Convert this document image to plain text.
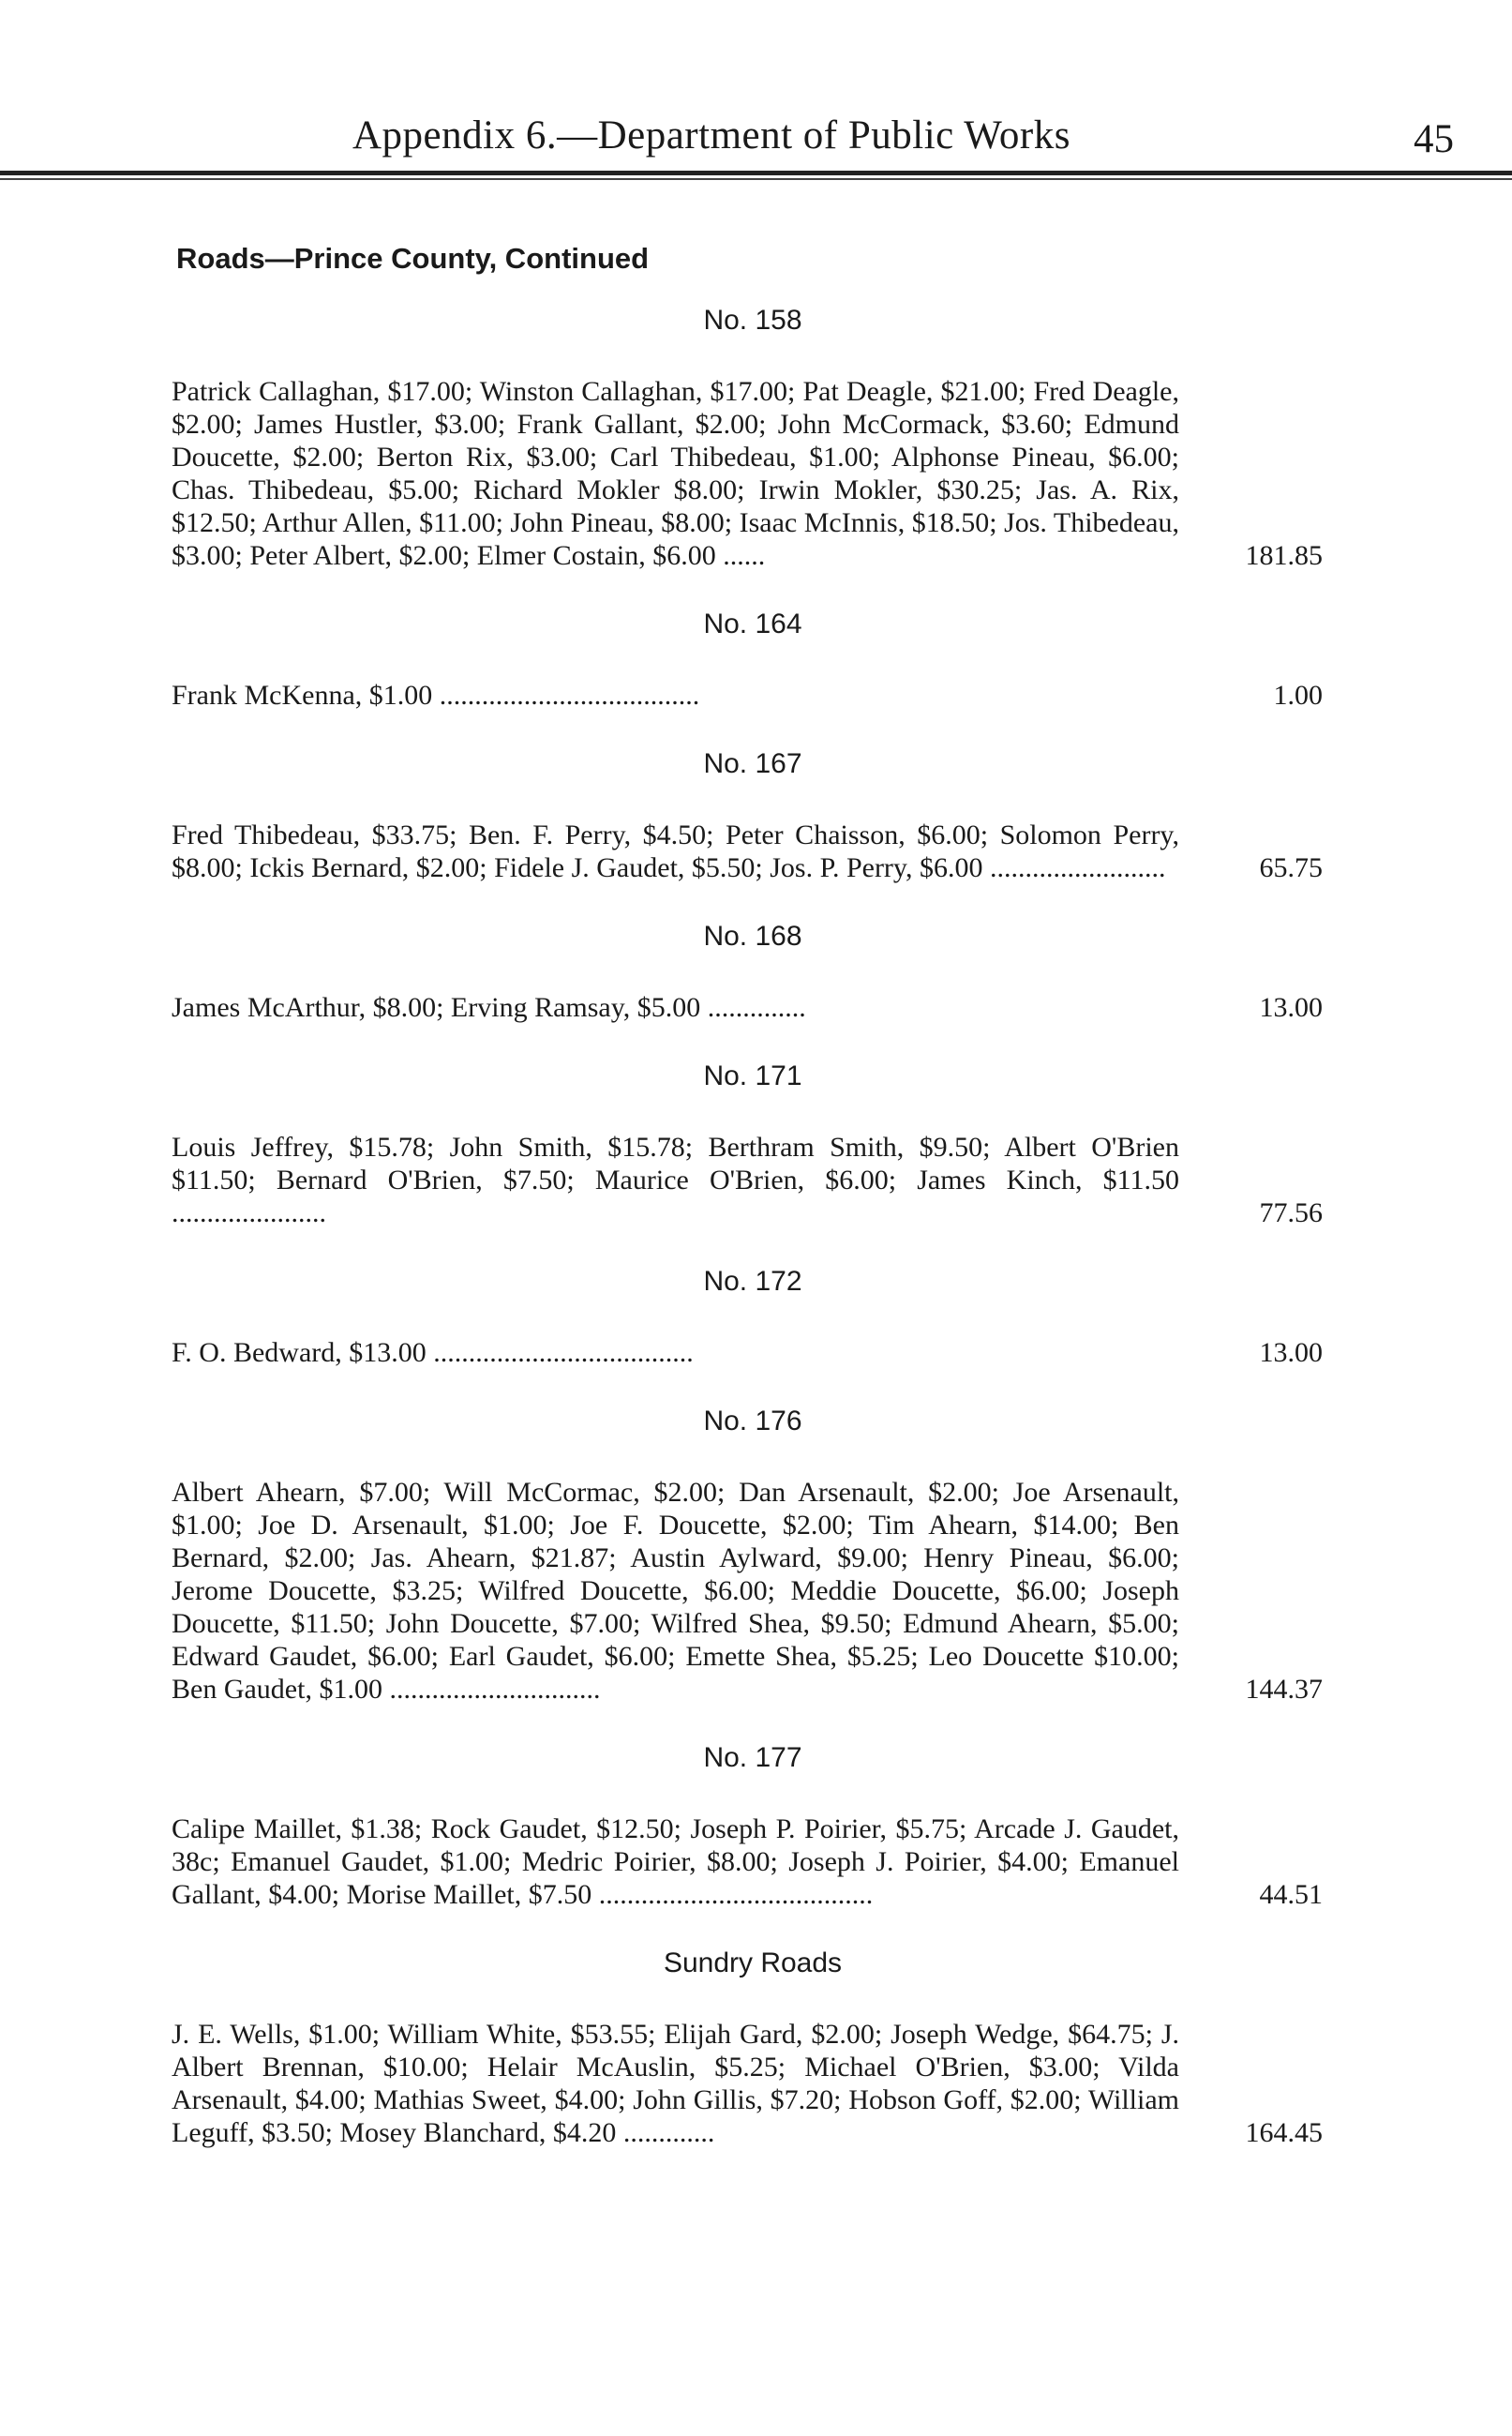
Appendix 6.—Department of Public Works	45
Roads—Prince County, Continued
No. 158
Patrick Callaghan, $17.00; Winston Callaghan, $17.00; Pat Deagle, $21.00; Fred Deagle, $2.00; James Hustler, $3.00; Frank Gallant, $2.00; John McCormack, $3.60; Edmund Doucette, $2.00; Berton Rix, $3.00; Carl Thibedeau, $1.00; Alphonse Pineau, $6.00; Chas. Thibedeau, $5.00; Richard Mokler $8.00; Irwin Mokler, $30.25; Jas. A. Rix, $12.50; Arthur Allen, $11.00; John Pineau, $8.00; Isaac McInnis, $18.50; Jos. Thibedeau, $3.00; Peter Albert, $2.00; Elmer Costain, $6.00 ......	181.85
No. 164
Frank McKenna, $1.00 .....................................	1.00
No. 167
Fred Thibedeau, $33.75; Ben. F. Perry, $4.50; Peter Chaisson, $6.00; Solomon Perry, $8.00; Ickis Bernard, $2.00; Fidele J. Gaudet, $5.50; Jos. P. Perry, $6.00 .........................	65.75
No. 168
James McArthur, $8.00; Erving Ramsay, $5.00 ..............	13.00
No. 171
Louis Jeffrey, $15.78; John Smith, $15.78; Berthram Smith, $9.50; Albert O'Brien $11.50; Bernard O'Brien, $7.50; Maurice O'Brien, $6.00; James Kinch, $11.50 ......................	77.56
No. 172
F. O. Bedward, $13.00 .....................................	13.00
No. 176
Albert Ahearn, $7.00; Will McCormac, $2.00; Dan Arsenault, $2.00; Joe Arsenault, $1.00; Joe D. Arsenault, $1.00; Joe F. Doucette, $2.00; Tim Ahearn, $14.00; Ben Bernard, $2.00; Jas. Ahearn, $21.87; Austin Aylward, $9.00; Henry Pineau, $6.00; Jerome Doucette, $3.25; Wilfred Doucette, $6.00; Meddie Doucette, $6.00; Joseph Doucette, $11.50; John Doucette, $7.00; Wilfred Shea, $9.50; Edmund Ahearn, $5.00; Edward Gaudet, $6.00; Earl Gaudet, $6.00; Emette Shea, $5.25; Leo Doucette $10.00; Ben Gaudet, $1.00 ..............................	144.37
No. 177
Calipe Maillet, $1.38; Rock Gaudet, $12.50; Joseph P. Poirier, $5.75; Arcade J. Gaudet, 38c; Emanuel Gaudet, $1.00; Medric Poirier, $8.00; Joseph J. Poirier, $4.00; Emanuel Gallant, $4.00; Morise Maillet, $7.50 .......................................	44.51
Sundry Roads
J. E. Wells, $1.00; William White, $53.55; Elijah Gard, $2.00; Joseph Wedge, $64.75; J. Albert Brennan, $10.00; Helair McAuslin, $5.25; Michael O'Brien, $3.00; Vilda Arsenault, $4.00; Mathias Sweet, $4.00; John Gillis, $7.20; Hobson Goff, $2.00; William Leguff, $3.50; Mosey Blanchard, $4.20 .............	164.45
